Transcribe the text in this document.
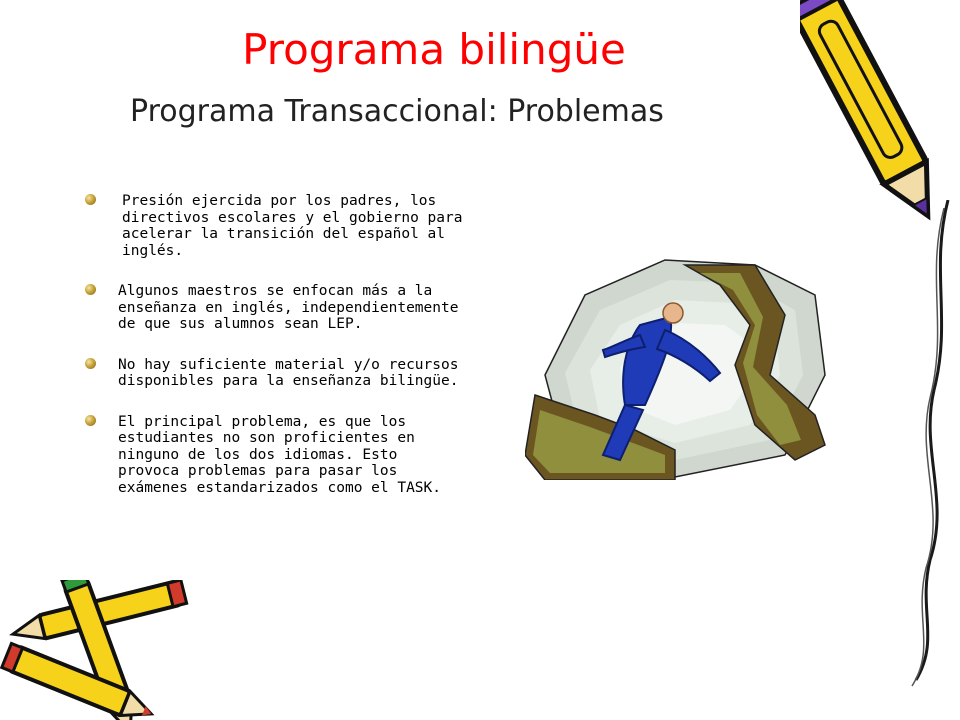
Programa bilingüe
Programa Transaccional: Problemas
Presión ejercida por los padres, los directivos escolares y el gobierno para acelerar la transición del español al inglés.
Algunos maestros se enfocan más a la enseñanza en inglés, independientemente de que sus alumnos sean LEP.
No hay suficiente material y/o recursos disponibles para la enseñanza bilingüe.
El principal problema, es que los estudiantes no son proficientes en ninguno de los dos idiomas. Esto provoca problemas para pasar los exámenes estandarizados como el TASK.
